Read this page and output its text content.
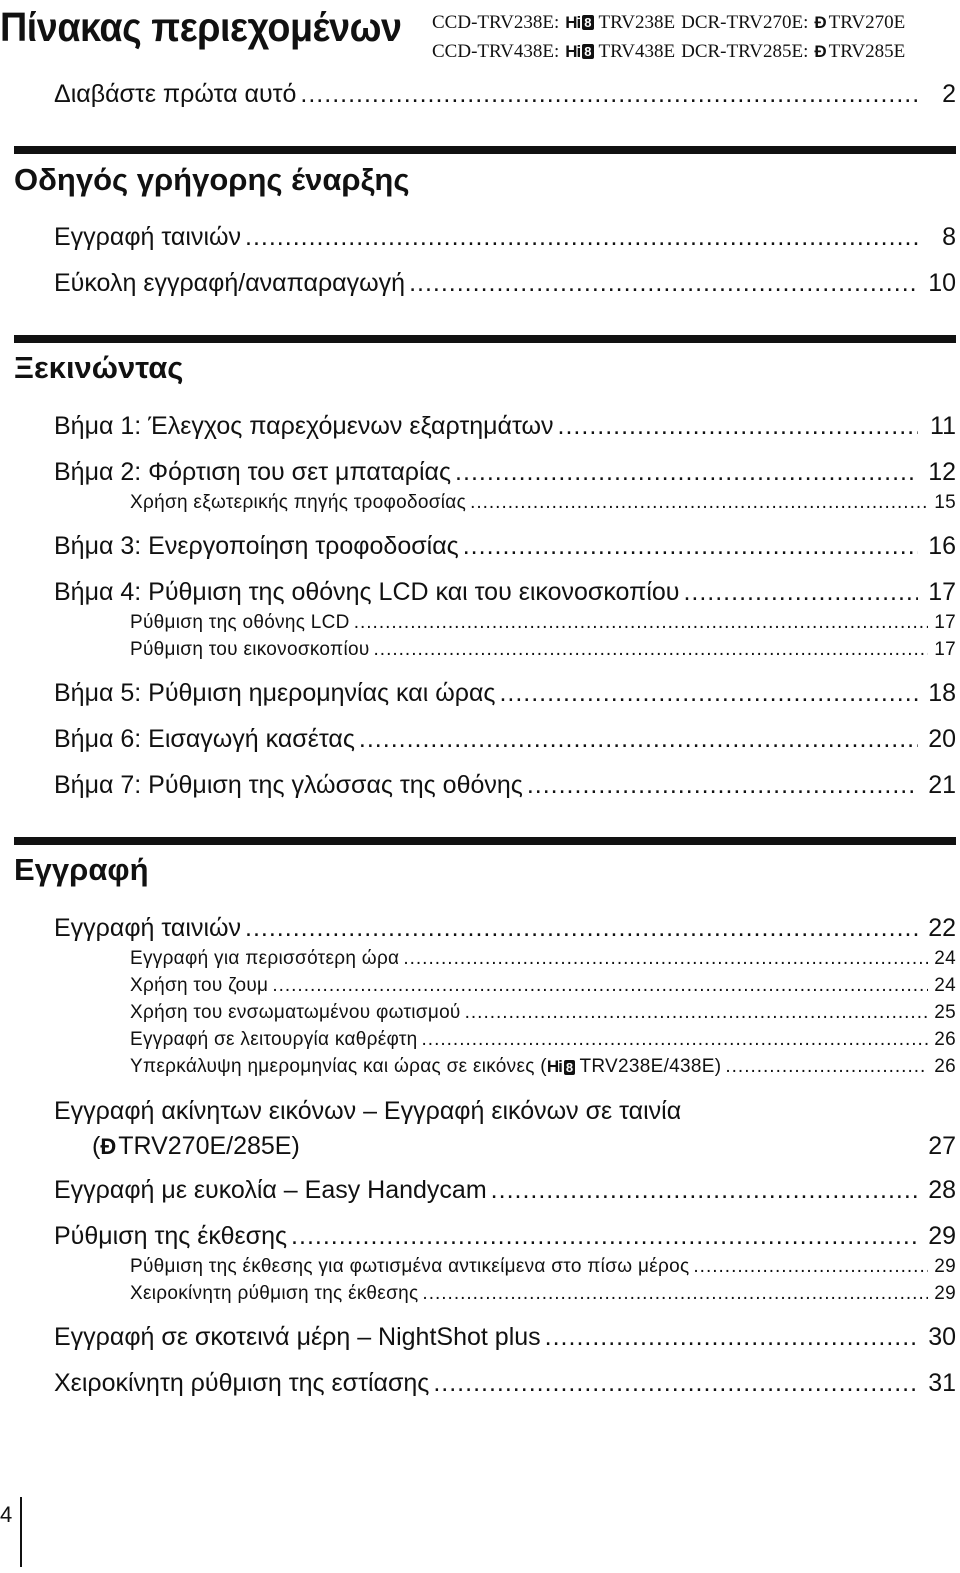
Πίνακας περιεχομένων CCD-TRV238E: Hi 8 TRV238E DCR-TRV270E: Ɖ TRV270E
CCD-TRV438E: Hi 8 TRV438E DCR-TRV285E: Ɖ TRV285E
Διαβάστε πρώτα αυτό .....	2
Οδηγός γρήγορης έναρξης
Εγγραφή ταινιών .....	8
Εύκολη εγγραφή/αναπαραγωγή .....	10
Ξεκινώντας
Βήμα 1: Έλεγχος παρεχόμενων εξαρτημάτων .....	11
Βήμα 2: Φόρτιση του σετ μπαταρίας .....	12
Χρήση εξωτερικής πηγής τροφοδοσίας .....	15
Βήμα 3: Ενεργοποίηση τροφοδοσίας .....	16
Βήμα 4: Ρύθμιση της οθόνης LCD και του εικονοσκοπίου .....	17
Ρύθμιση της οθόνης LCD .....	17
Ρύθμιση του εικονοσκοπίου .....	17
Βήμα 5: Ρύθμιση ημερομηνίας και ώρας .....	18
Βήμα 6: Εισαγωγή κασέτας .....	20
Βήμα 7: Ρύθμιση της γλώσσας της οθόνης .....	21
Εγγραφή
Εγγραφή ταινιών .....	22
Εγγραφή για περισσότερη ώρα .....	24
Χρήση του ζουμ .....	24
Χρήση του ενσωματωμένου φωτισμού .....	25
Εγγραφή σε λειτουργία καθρέφτη .....	26
Υπερκάλυψη ημερομηνίας και ώρας σε εικόνες ( Hi 8 TRV238E/438E) .....	26
Εγγραφή ακίνητων εικόνων – Εγγραφή εικόνων σε ταινία
(ƉTRV270E/285E)	27
Εγγραφή με ευκολία – Easy Handycam .....	28
Ρύθμιση της έκθεσης .....	29
Ρύθμιση της έκθεσης για φωτισμένα αντικείμενα στο πίσω μέρος .....	29
Χειροκίνητη ρύθμιση της έκθεσης .....	29
Εγγραφή σε σκοτεινά μέρη – NightShot plus .....	30
Χειροκίνητη ρύθμιση της εστίασης .....	31
4
